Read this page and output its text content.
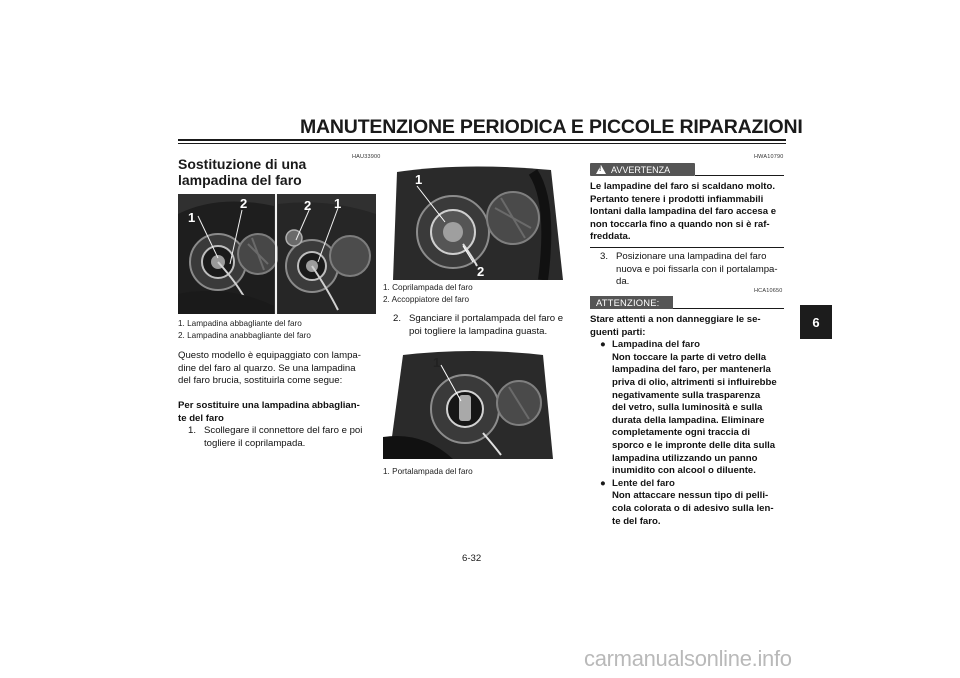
MANUTENZIONE PERIODICA E PICCOLE RIPARAZIONI
6
HAU33900
Sostituzione di una lampadina del faro
1
2	2 1
1. Lampadina abbagliante del faro
2. Lampadina anabbagliante del faro
Questo modello è equipaggiato con lampa-
dine del faro al quarzo. Se una lampadina
del faro brucia, sostituirla come segue:
Per sostituire una lampadina abbaglian-
te del faro
1. Scollegare il connettore del faro e poi
togliere il coprilampada.
1
2
1. Coprilampada del faro
2. Accoppiatore del faro
2. Sganciare il portalampada del faro e
poi togliere la lampadina guasta.
1
1. Portalampada del faro
HWA10790
! AVVERTENZA
Le lampadine del faro si scaldano molto.
Pertanto tenere i prodotti infiammabili
lontani dalla lampadina del faro accesa e
non toccarla fino a quando non si è raf-
freddata.
3. Posizionare una lampadina del faro
nuova e poi fissarla con il portalampa-
da.
HCA10650
ATTENZIONE:
Stare attenti a non danneggiare le se-
guenti parti:
● Lampadina del faro
Non toccare la parte di vetro della
lampadina del faro, per mantenerla
priva di olio, altrimenti si influirebbe
negativamente sulla trasparenza
del vetro, sulla luminosità e sulla
durata della lampadina. Eliminare
completamente ogni traccia di
sporco e le impronte delle dita sulla
lampadina utilizzando un panno
inumidito con alcool o diluente.
● Lente del faro
Non attaccare nessun tipo di pelli-
cola colorata o di adesivo sulla len-
te del faro.
6-32
carmanualsonline.info
